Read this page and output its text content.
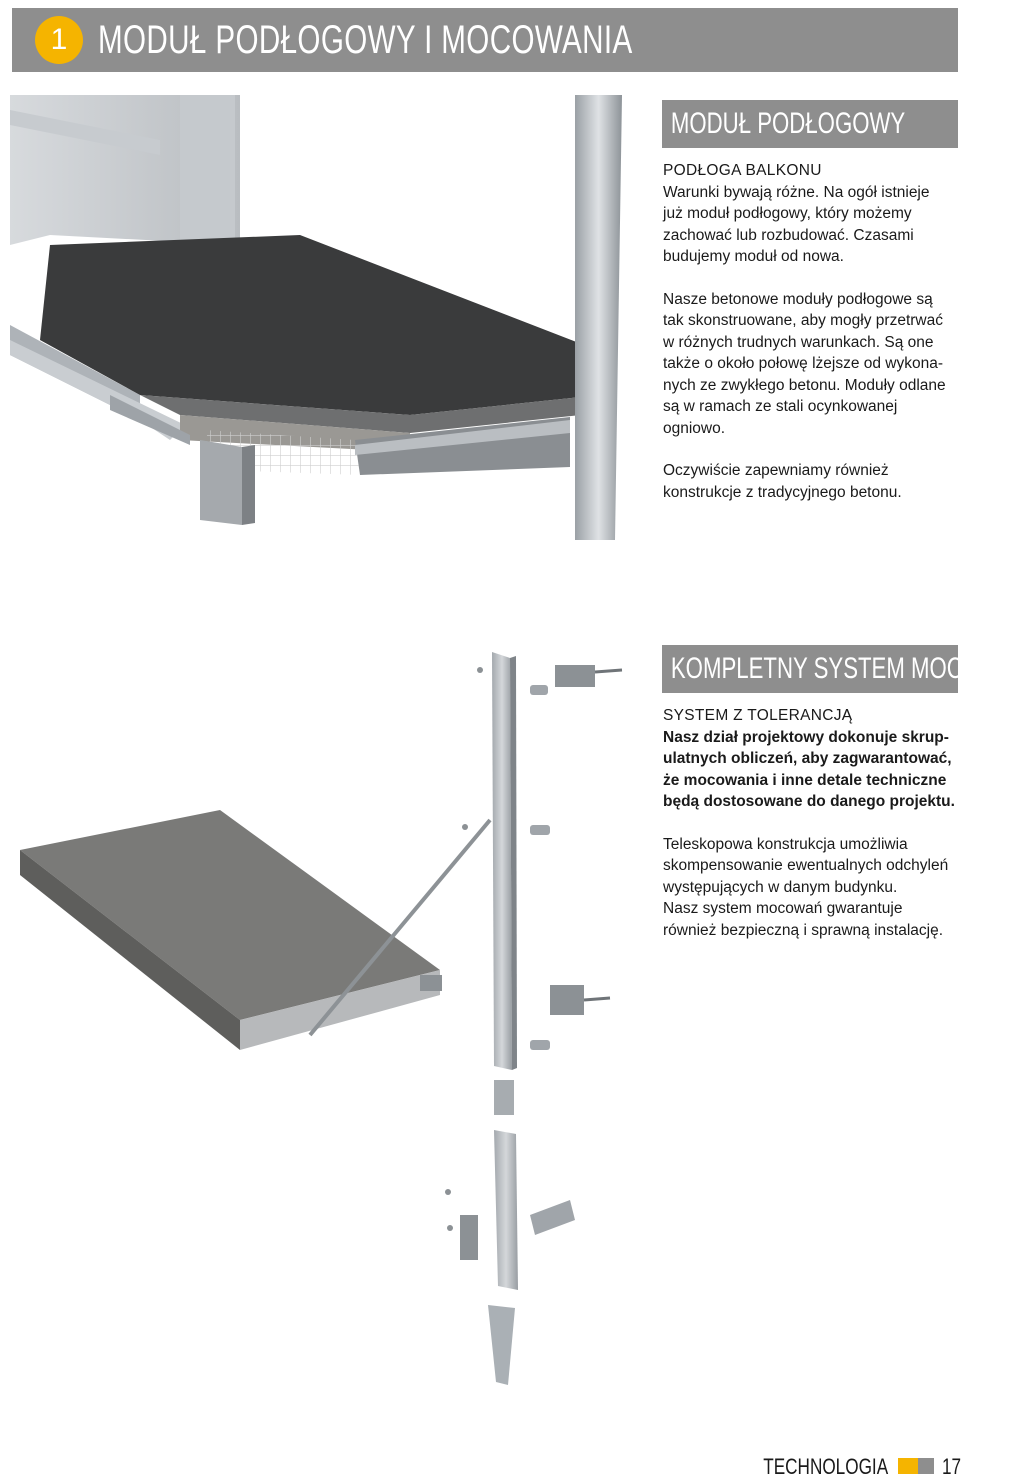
1 MODUŁ PODŁOGOWY I MOCOWANIA
MODUŁ PODŁOGOWY

PODŁOGA BALKONU

Warunki bywają różne. Na ogół istnieje

już moduł podłogowy, który możemy

zachować lub rozbudować. Czasami

budujemy moduł od nowa.

Nasze betonowe moduły podłogowe są

tak skonstruowane, aby mogły przetrwać

w różnych trudnych warunkach. Są one

także o około połowę lżejsze od wykona-

nych ze zwykłego betonu. Moduły odlane

są w ramach ze stali ocynkowanej

ogniowo.

Oczywiście zapewniamy również

konstrukcje z tradycyjnego betonu.

KOMPLETNY SYSTEM MOCOWAŃ

SYSTEM Z TOLERANCJĄ

Nasz dział projektowy dokonuje skrup-

ulatnych obliczeń, aby zagwarantować,

że mocowania i inne detale techniczne

będą dostosowane do danego projektu.

Teleskopowa konstrukcja umożliwia

skompensowanie ewentualnych odchyleń

występujących w danym budynku.

Nasz system mocowań gwarantuje

również bezpieczną i sprawną instalację.

TECHNOLOGIA 17
